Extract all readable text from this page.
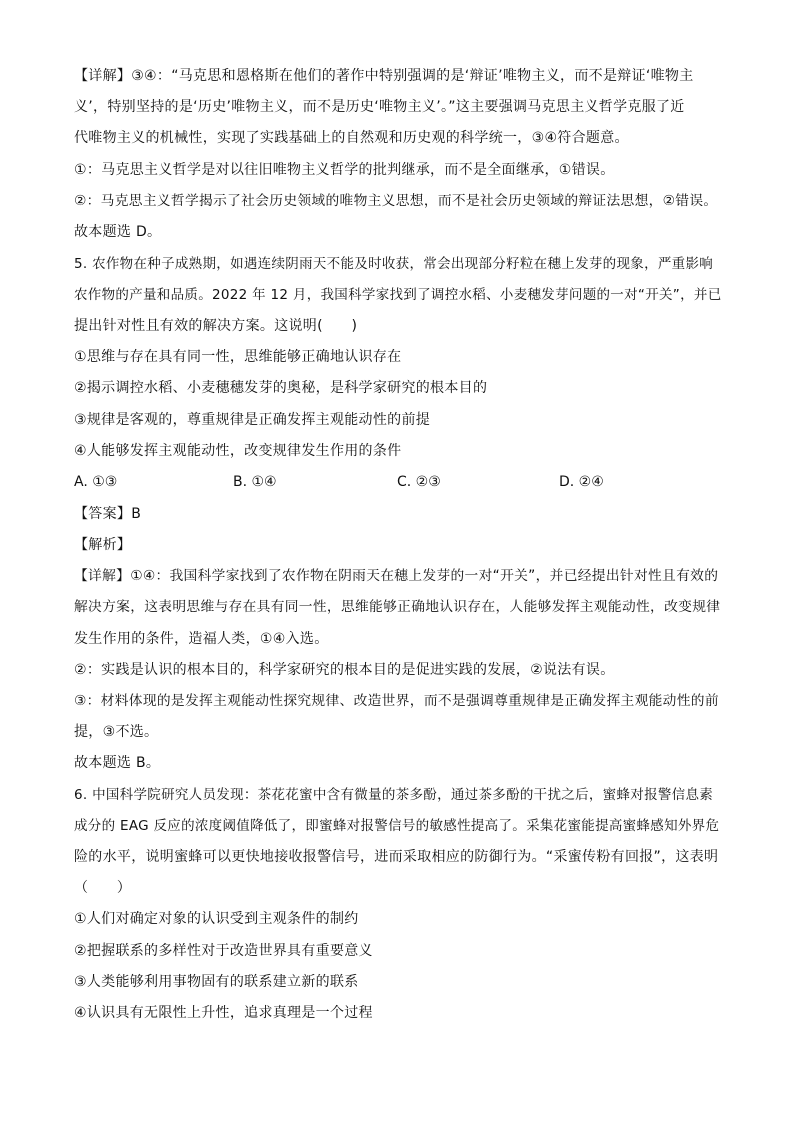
【详解】③④：“马克思和恩格斯在他们的著作中特别强调的是‘辩证’唯物主义，而不是辩证‘唯物主
义’，特别坚持的是‘历史’唯物主义，而不是历史‘唯物主义’。”这主要强调马克思主义哲学克服了近
代唯物主义的机械性，实现了实践基础上的自然观和历史观的科学统一，③④符合题意。
①：马克思主义哲学是对以往旧唯物主义哲学的批判继承，而不是全面继承，①错误。
②：马克思主义哲学揭示了社会历史领域的唯物主义思想，而不是社会历史领域的辩证法思想，②错误。
故本题选 D。
5. 农作物在种子成熟期，如遇连续阴雨天不能及时收获，常会出现部分籽粒在穗上发芽的现象，严重影响
农作物的产量和品质。2022 年 12 月，我国科学家找到了调控水稻、小麦穗发芽问题的一对“开关”，并已
提出针对性且有效的解决方案。这说明(　　)
①思维与存在具有同一性，思维能够正确地认识存在
②揭示调控水稻、小麦穗穗发芽的奥秘，是科学家研究的根本目的
③规律是客观的，尊重规律是正确发挥主观能动性的前提
④人能够发挥主观能动性，改变规律发生作用的条件
A. ①③	B. ①④	C. ②③	D. ②④
【答案】B
【解析】
【详解】①④：我国科学家找到了农作物在阴雨天在穗上发芽的一对“开关”，并已经提出针对性且有效的
解决方案，这表明思维与存在具有同一性，思维能够正确地认识存在，人能够发挥主观能动性，改变规律
发生作用的条件，造福人类，①④入选。
②：实践是认识的根本目的，科学家研究的根本目的是促进实践的发展，②说法有误。
③：材料体现的是发挥主观能动性探究规律、改造世界，而不是强调尊重规律是正确发挥主观能动性的前
提，③不选。
故本题选 B。
6. 中国科学院研究人员发现：茶花花蜜中含有微量的茶多酚，通过茶多酚的干扰之后，蜜蜂对报警信息素
成分的 EAG 反应的浓度阈值降低了，即蜜蜂对报警信号的敏感性提高了。采集花蜜能提高蜜蜂感知外界危
险的水平，说明蜜蜂可以更快地接收报警信号，进而采取相应的防御行为。“采蜜传粉有回报”，这表明
（　　）
①人们对确定对象的认识受到主观条件的制约
②把握联系的多样性对于改造世界具有重要意义
③人类能够利用事物固有的联系建立新的联系
④认识具有无限性上升性，追求真理是一个过程
